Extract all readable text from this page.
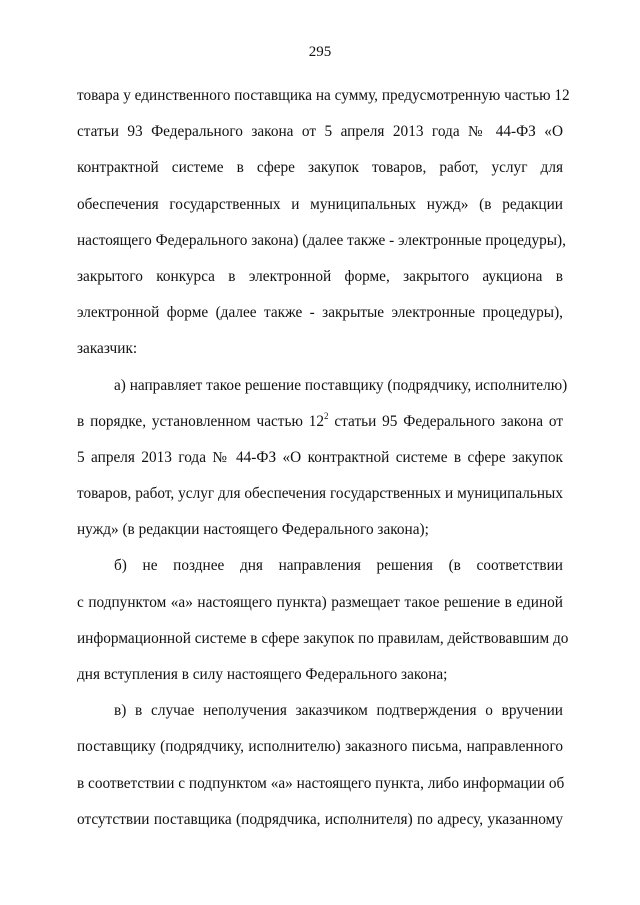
295
товара у единственного поставщика на сумму, предусмотренную частью 12
статьи 93 Федерального закона от 5 апреля 2013 года № 44-ФЗ «О
контрактной системе в сфере закупок товаров, работ, услуг для
обеспечения государственных и муниципальных нужд» (в редакции
настоящего Федерального закона) (далее также - электронные процедуры),
закрытого конкурса в электронной форме, закрытого аукциона в
электронной форме (далее также - закрытые электронные процедуры),
заказчик:
а) направляет такое решение поставщику (подрядчику, исполнителю)
в порядке, установленном частью $12^2$ статьи 95 Федерального закона от
5 апреля 2013 года № 44-ФЗ «О контрактной системе в сфере закупок
товаров, работ, услуг для обеспечения государственных и муниципальных
нужд» (в редакции настоящего Федерального закона);
б) не позднее дня направления решения (в соответствии
с подпунктом «а» настоящего пункта) размещает такое решение в единой
информационной системе в сфере закупок по правилам, действовавшим до
дня вступления в силу настоящего Федерального закона;
в) в случае неполучения заказчиком подтверждения о вручении
поставщику (подрядчику, исполнителю) заказного письма, направленного
в соответствии с подпунктом «а» настоящего пункта, либо информации об
отсутствии поставщика (подрядчика, исполнителя) по адресу, указанному
